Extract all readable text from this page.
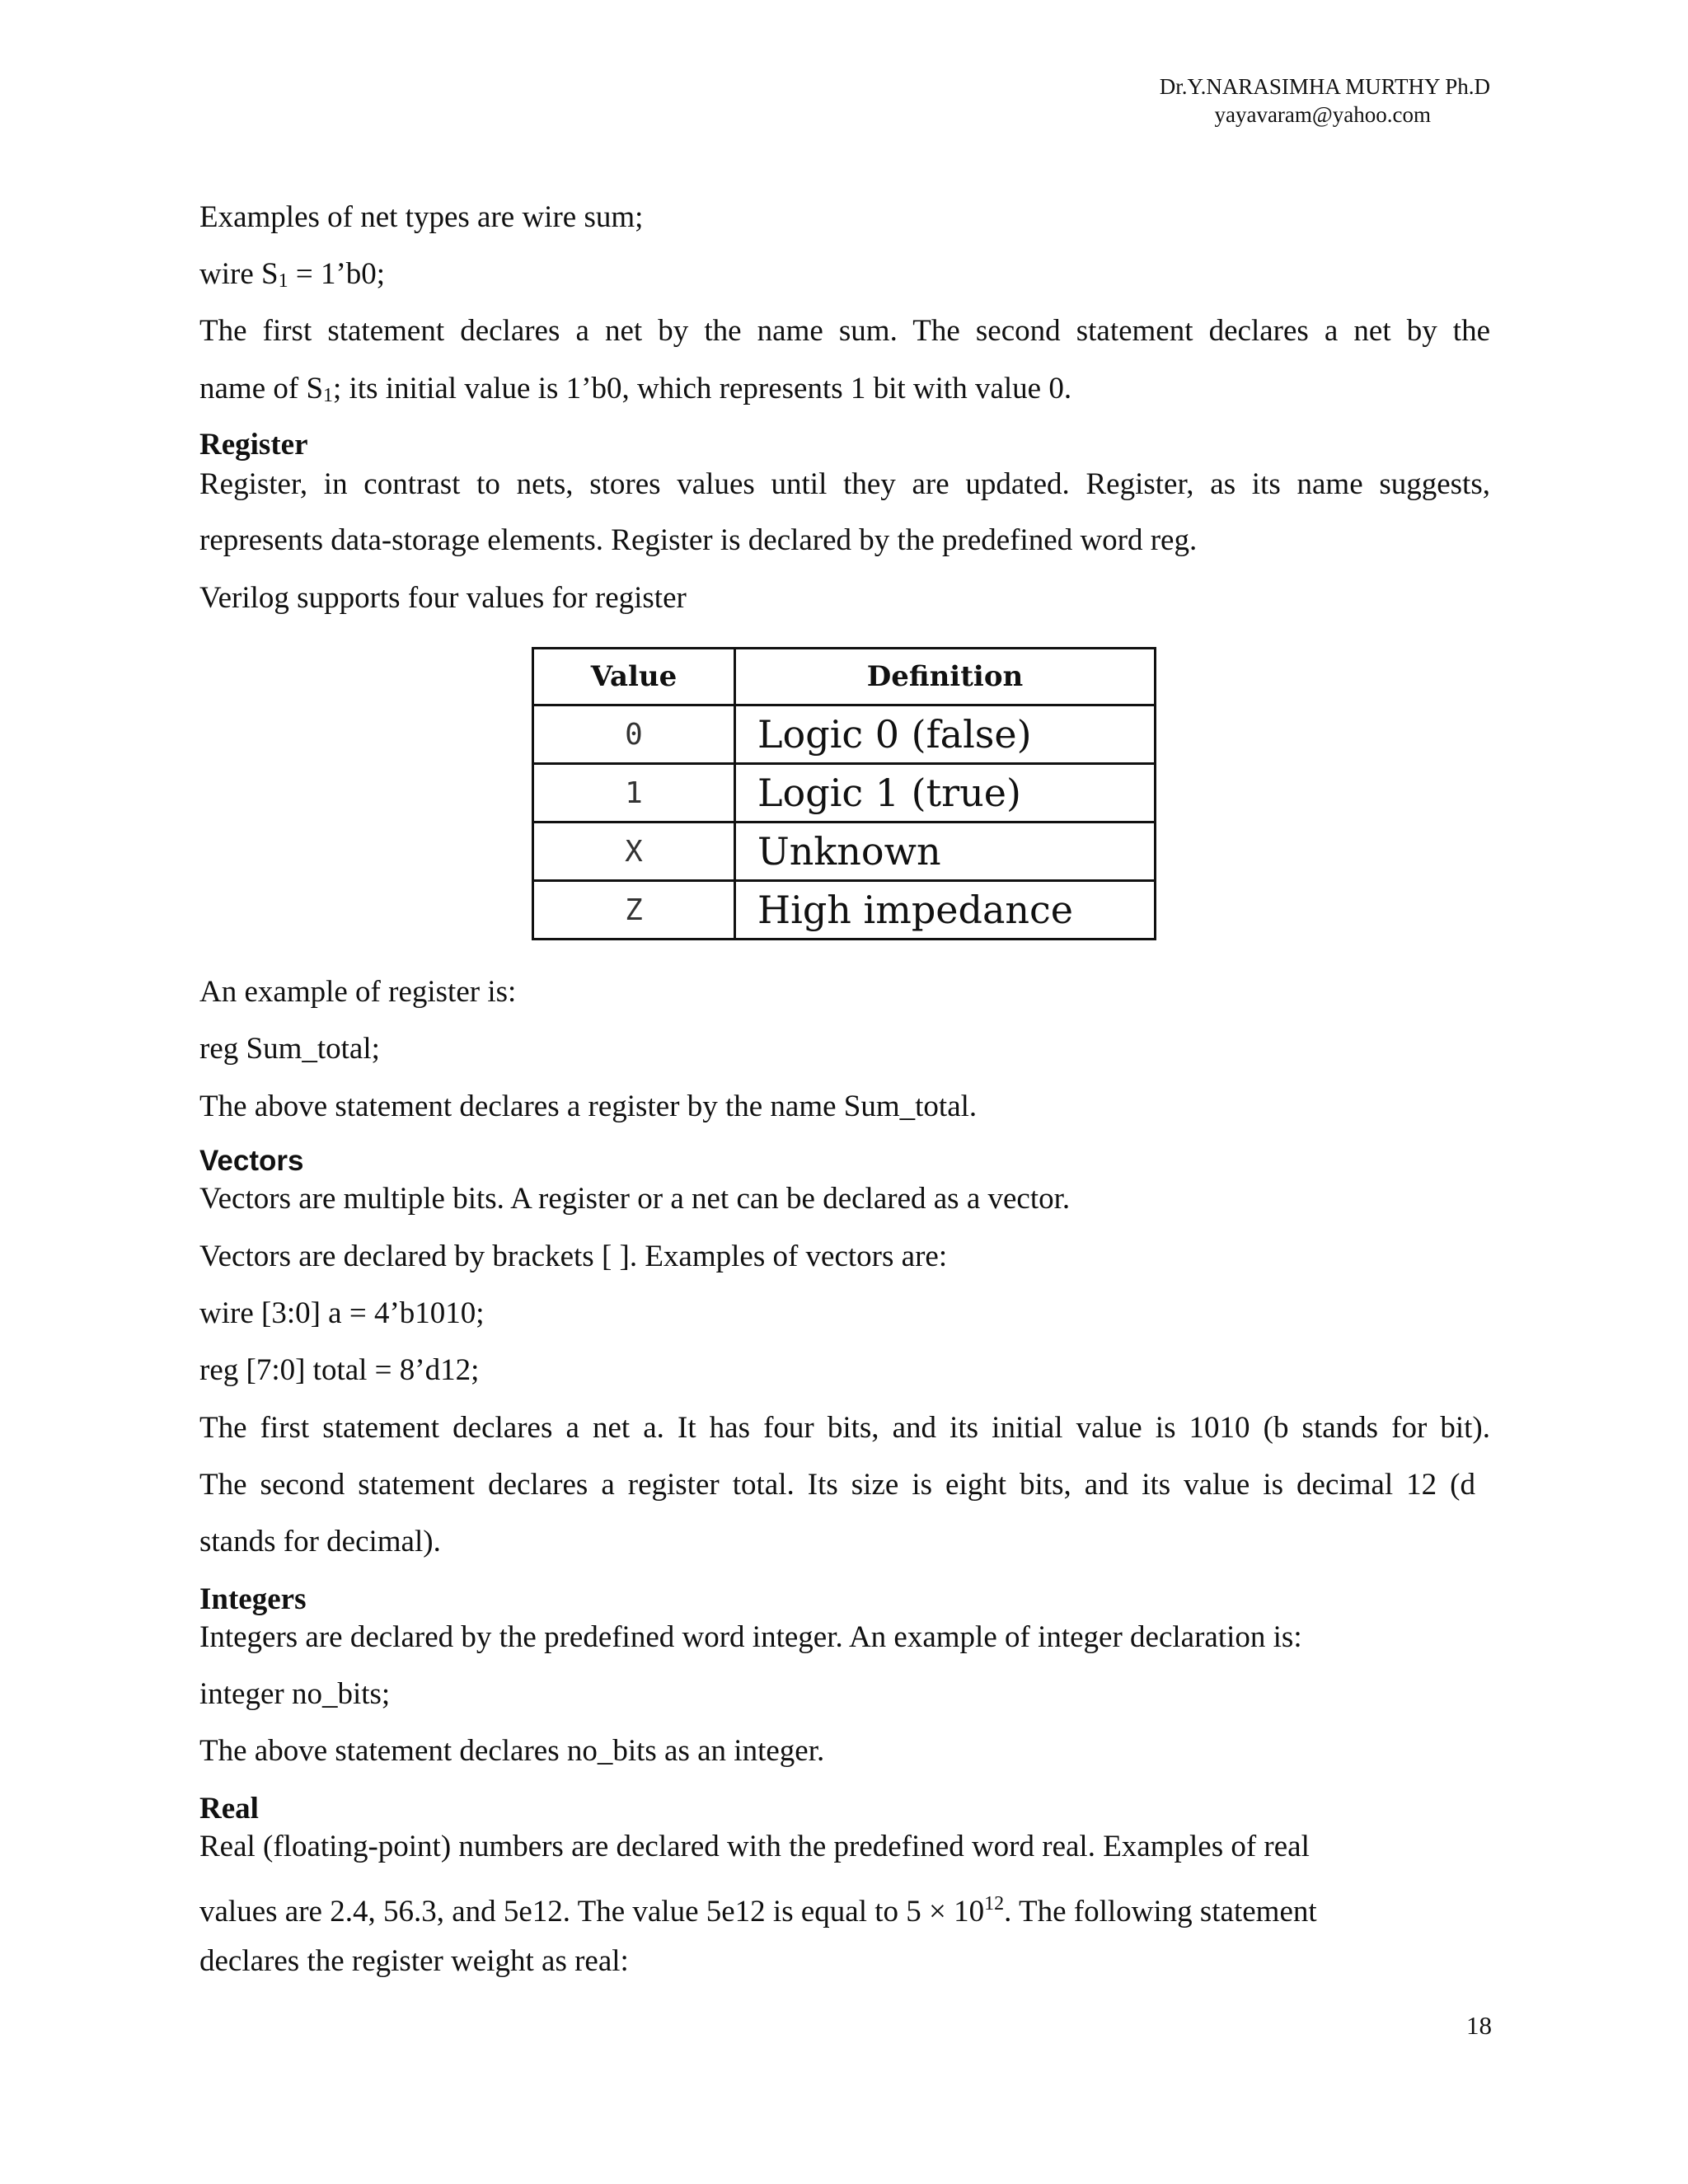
Dr.Y.NARASIMHA MURTHY Ph.D
yayavaram@yahoo.com
Examples of net types are wire sum;
wire $S_1$ = 1’b0;
The first statement declares a net by the name sum. The second statement declares a net by the
name of $S_1$; its initial value is 1’b0, which represents 1 bit with value 0.
Register
Register, in contrast to nets, stores values until they are updated. Register, as its name suggests,
represents data-storage elements. Register is declared by the predefined word reg.
Verilog supports four values for register
Value	Definition
0	Logic 0 (false)
1	Logic 1 (true)
X	Unknown
Z	High impedance
An example of register is:
reg Sum_total;
The above statement declares a register by the name Sum_total.
Vectors
Vectors are multiple bits. A register or a net can be declared as a vector.
Vectors are declared by brackets [ ]. Examples of vectors are:
wire [3:0] a = 4’b1010;
reg [7:0] total = 8’d12;
The first statement declares a net a. It has four bits, and its initial value is 1010 (b stands for bit).
The second statement declares a register total. Its size is eight bits, and its value is decimal 12 (d
stands for decimal).
Integers
Integers are declared by the predefined word integer. An example of integer declaration is:
integer no_bits;
The above statement declares no_bits as an integer.
Real
Real (floating-point) numbers are declared with the predefined word real. Examples of real
values are 2.4, 56.3, and 5e12. The value 5e12 is equal to $5 \times 10^{12}$. The following statement
declares the register weight as real:
18
